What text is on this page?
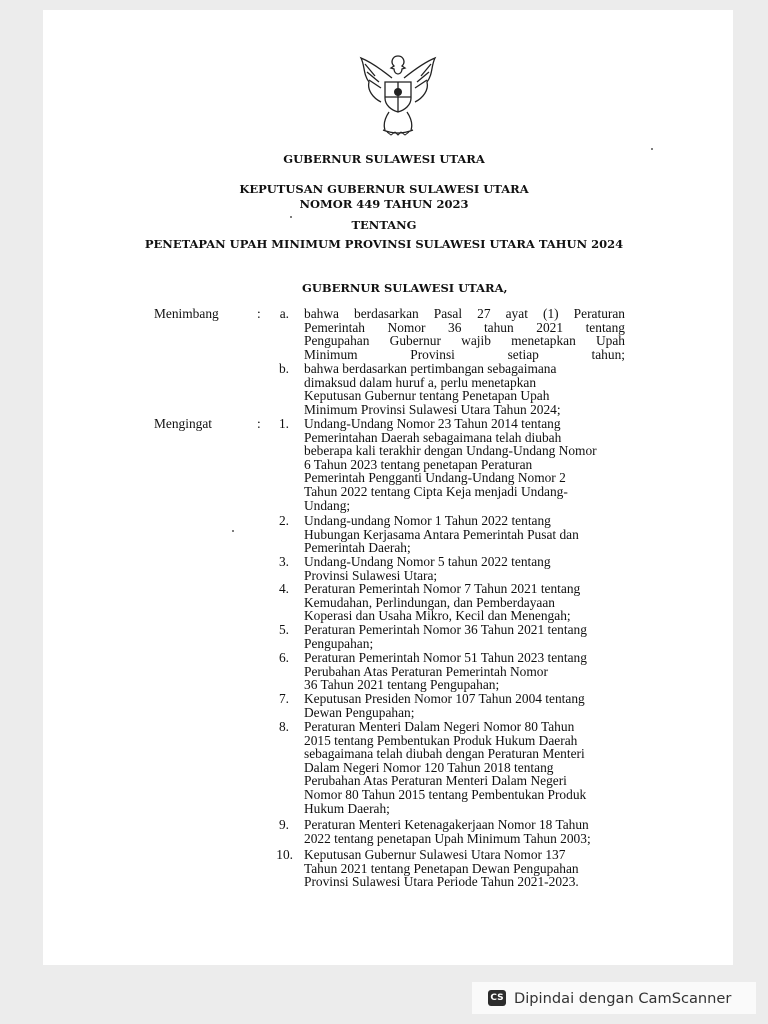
GUBERNUR SULAWESI UTARA
KEPUTUSAN GUBERNUR SULAWESI UTARA
NOMOR 449 TAHUN 2023
TENTANG
PENETAPAN UPAH MINIMUM PROVINSI SULAWESI UTARA TAHUN 2024
GUBERNUR SULAWESI UTARA,
Menimbang	:	a. bahwa berdasarkan Pasal 27 ayat (1) Peraturan
Pemerintah Nomor 36 tahun 2021 tentang
Pengupahan Gubernur wajib menetapkan Upah
Minimum Provinsi setiap tahun;
b. bahwa berdasarkan pertimbangan sebagaimana
dimaksud dalam huruf a, perlu menetapkan
Keputusan Gubernur tentang Penetapan Upah
Minimum Provinsi Sulawesi Utara Tahun 2024;
Mengingat	:	1. Undang-Undang Nomor 23 Tahun 2014 tentang
Pemerintahan Daerah sebagaimana telah diubah
beberapa kali terakhir dengan Undang-Undang Nomor
6 Tahun 2023 tentang penetapan Peraturan
Pemerintah Pengganti Undang-Undang Nomor 2
Tahun 2022 tentang Cipta Keja menjadi Undang-
Undang;
2. Undang-undang Nomor 1 Tahun 2022 tentang
Hubungan Kerjasama Antara Pemerintah Pusat dan
Pemerintah Daerah;
3. Undang-Undang Nomor 5 tahun 2022 tentang
Provinsi Sulawesi Utara;
4. Peraturan Pemerintah Nomor 7 Tahun 2021 tentang
Kemudahan, Perlindungan, dan Pemberdayaan
Koperasi dan Usaha Mikro, Kecil dan Menengah;
5. Peraturan Pemerintah Nomor 36 Tahun 2021 tentang
Pengupahan;
6. Peraturan Pemerintah Nomor 51 Tahun 2023 tentang
Perubahan Atas Peraturan Pemerintah Nomor
36 Tahun 2021 tentang Pengupahan;
7. Keputusan Presiden Nomor 107 Tahun 2004 tentang
Dewan Pengupahan;
8. Peraturan Menteri Dalam Negeri Nomor 80 Tahun
2015 tentang Pembentukan Produk Hukum Daerah
sebagaimana telah diubah dengan Peraturan Menteri
Dalam Negeri Nomor 120 Tahun 2018 tentang
Perubahan Atas Peraturan Menteri Dalam Negeri
Nomor 80 Tahun 2015 tentang Pembentukan Produk
Hukum Daerah;
9. Peraturan Menteri Ketenagakerjaan Nomor 18 Tahun
2022 tentang penetapan Upah Minimum Tahun 2003;
10. Keputusan Gubernur Sulawesi Utara Nomor 137
Tahun 2021 tentang Penetapan Dewan Pengupahan
Provinsi Sulawesi Utara Periode Tahun 2021-2023.
CS Dipindai dengan CamScanner
